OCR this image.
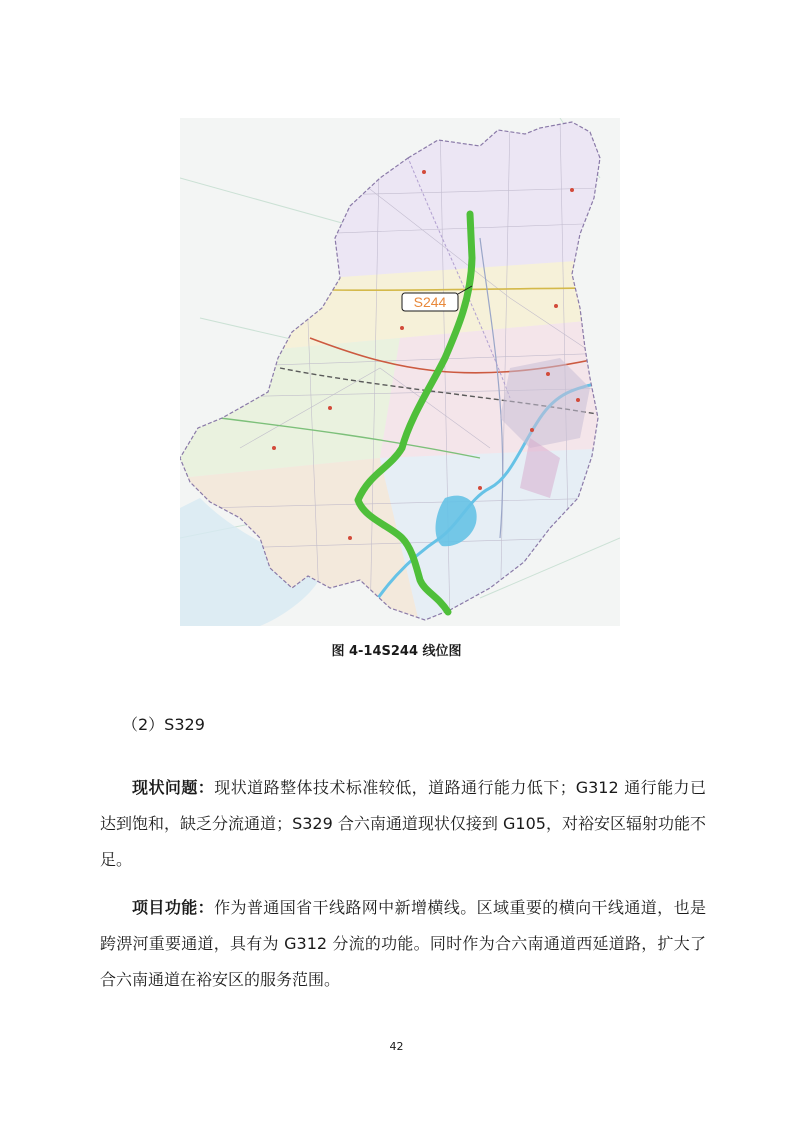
S244
图 4-14S244 线位图
（2）S329

现状问题：现状道路整体技术标准较低，道路通行能力低下；G312 通行能力已达到饱和，缺乏分流通道；S329 合六南通道现状仅接到 G105，对裕安区辐射功能不足。

项目功能：作为普通国省干线路网中新增横线。区域重要的横向干线通道，也是跨淠河重要通道，具有为 G312 分流的功能。同时作为合六南通道西延道路，扩大了合六南通道在裕安区的服务范围。

42
